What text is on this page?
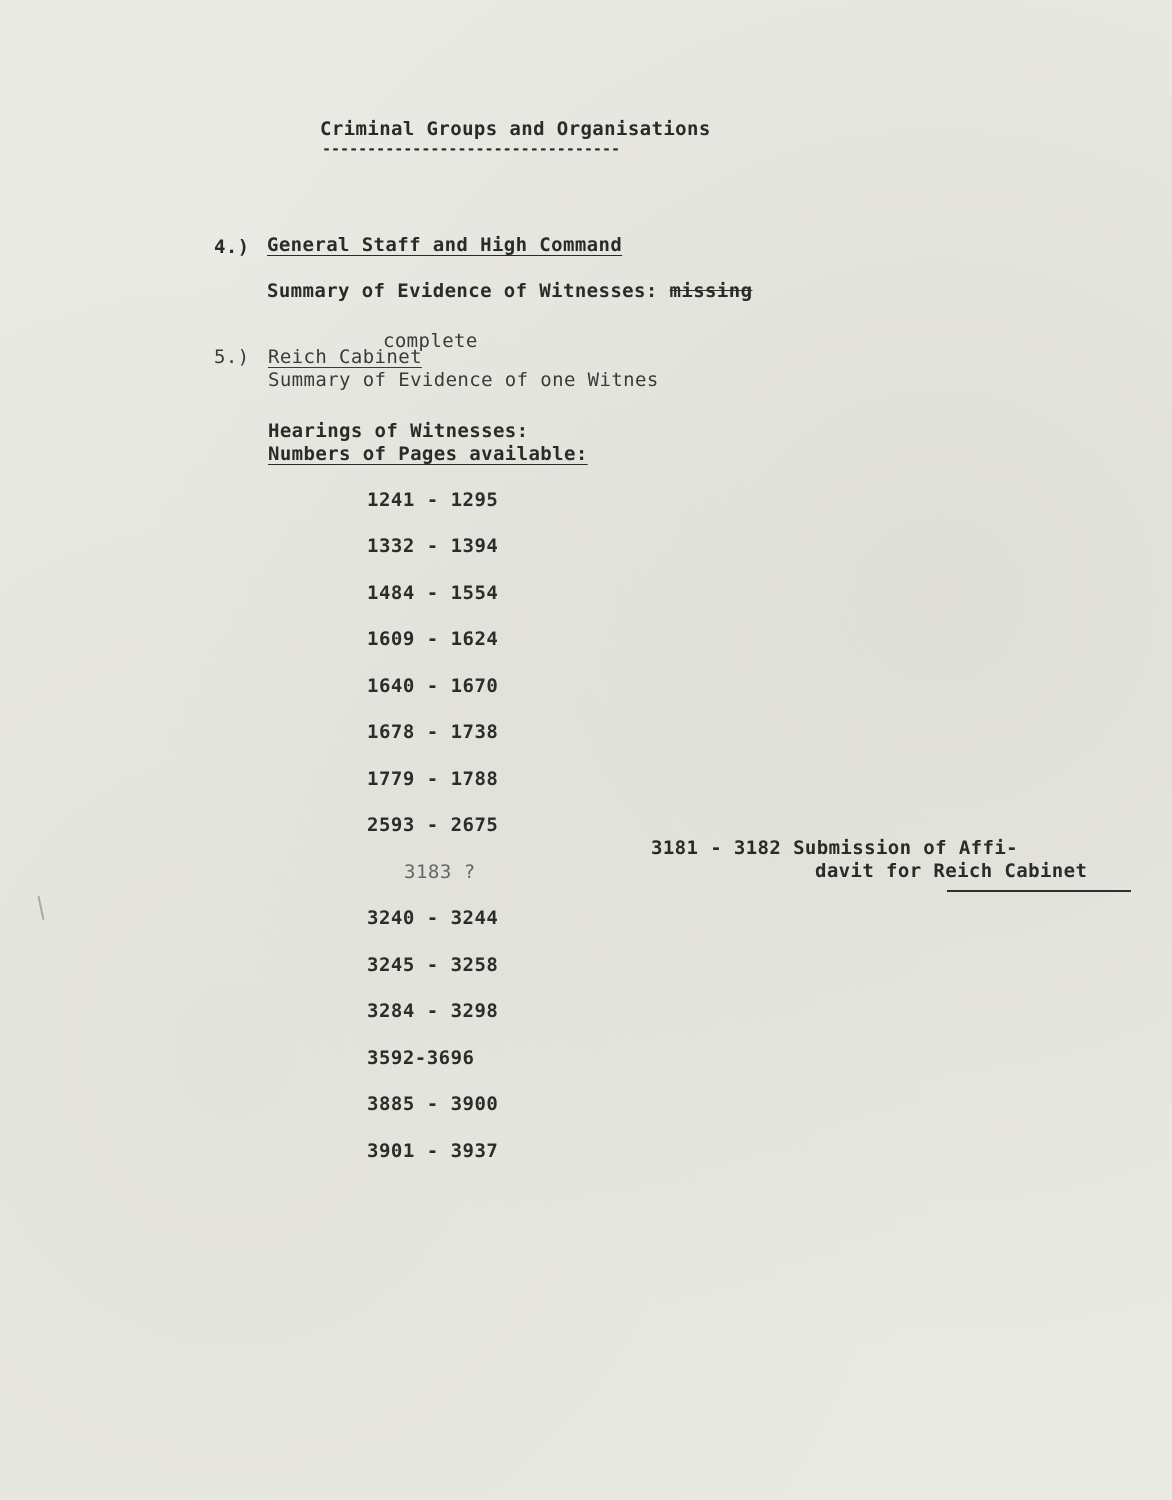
Criminal Groups and Organisations
---------------------------------
4.) General Staff and High Command
Summary of Evidence of Witnesses: missing
complete
5.) Reich Cabinet
Summary of Evidence of one Witnes
Hearings of Witnesses:
Numbers of Pages available:
1241 - 1295
1332 - 1394
1484 - 1554
1609 - 1624
1640 - 1670
1678 - 1738
1779 - 1788
2593 - 2675
3183 ?
3240 - 3244
3245 - 3258
3284 - 3298
3592-3696
3885 - 3900
3901 - 3937
3181 - 3182 Submission of Affi-
davit for Reich Cabinet
